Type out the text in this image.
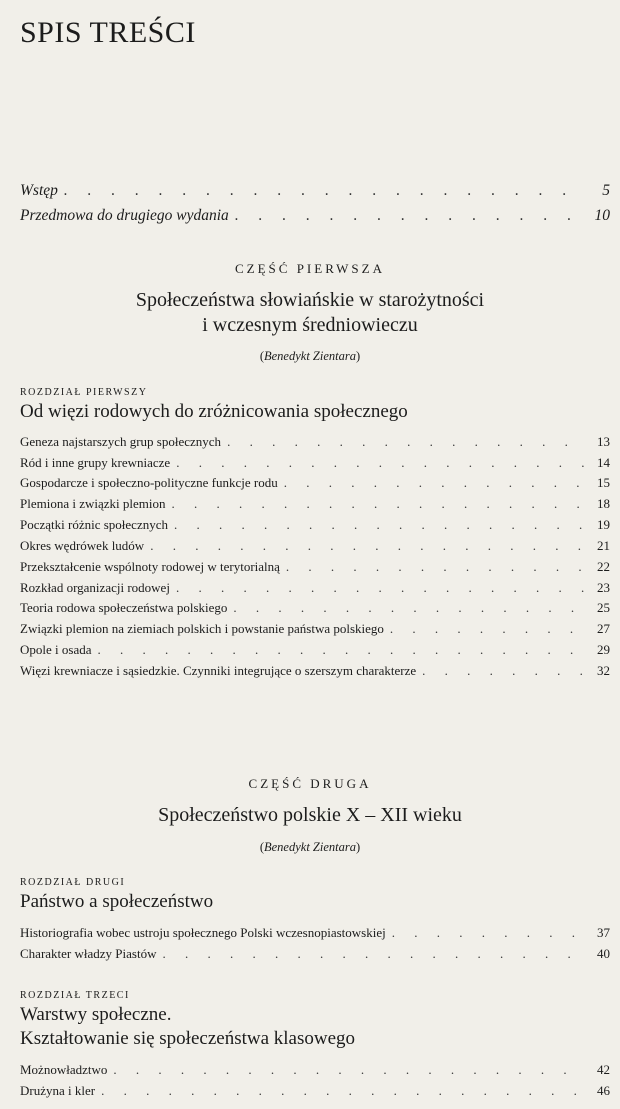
SPIS TREŚCI
Wstęp . . .	5
Przedmowa do drugiego wydania . . .	10
CZĘŚĆ PIERWSZA
Społeczeństwa słowiańskie w starożytności
i wczesnym średniowieczu
(Benedykt Zientara)
ROZDZIAŁ PIERWSZY
Od więzi rodowych do zróżnicowania społecznego
Geneza najstarszych grup społecznych . . .	13
Ród i inne grupy krewniacze . . .	14
Gospodarcze i społeczno-polityczne funkcje rodu . . .	15
Plemiona i związki plemion . . .	18
Początki różnic społecznych . . .	19
Okres wędrówek ludów . . .	21
Przekształcenie wspólnoty rodowej w terytorialną . . .	22
Rozkład organizacji rodowej . . .	23
Teoria rodowa społeczeństwa polskiego . . .	25
Związki plemion na ziemiach polskich i powstanie państwa polskiego . . .	27
Opole i osada . . .	29
Więzi krewniacze i sąsiedzkie. Czynniki integrujące o szerszym charakterze . . .	32
CZĘŚĆ DRUGA
Społeczeństwo polskie X – XII wieku
(Benedykt Zientara)
ROZDZIAŁ DRUGI
Państwo a społeczeństwo
Historiografia wobec ustroju społecznego Polski wczesnopiastowskiej . . .	37
Charakter władzy Piastów . . .	40
ROZDZIAŁ TRZECI
Warstwy społeczne.
Kształtowanie się społeczeństwa klasowego
Możnowładztwo . . .	42
Drużyna i kler . . .	46
